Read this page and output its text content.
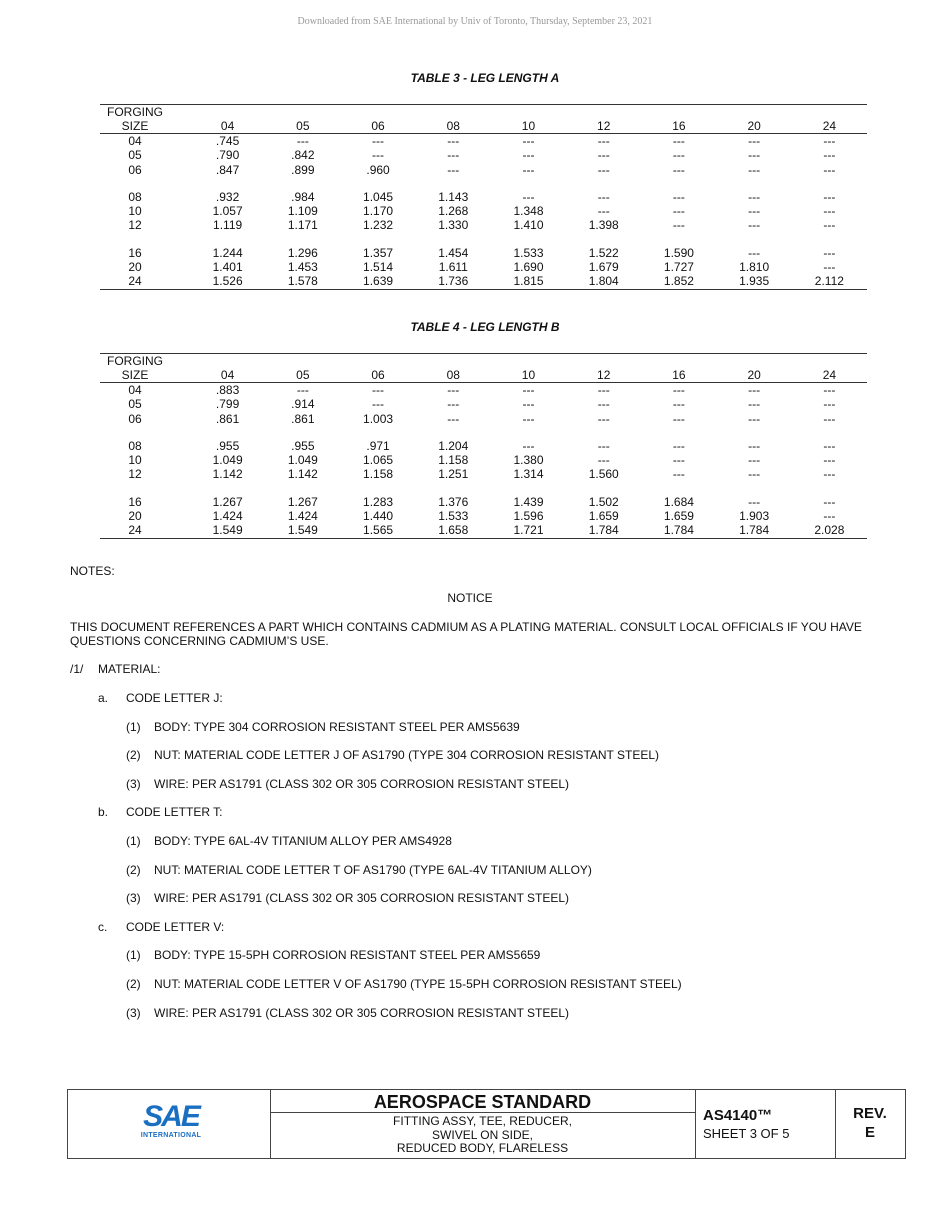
Downloaded from SAE International by Univ of Toronto, Thursday, September 23, 2021
TABLE 3 - LEG LENGTH A
FORGING									
SIZE	04	05	06	08	10	12	16	20	24
04	.745	---	---	---	---	---	---	---	---
05	.790	.842	---	---	---	---	---	---	---
06	.847	.899	.960	---	---	---	---	---	---

08	.932	.984	1.045	1.143	---	---	---	---	---
10	1.057	1.109	1.170	1.268	1.348	---	---	---	---
12	1.119	1.171	1.232	1.330	1.410	1.398	---	---	---

16	1.244	1.296	1.357	1.454	1.533	1.522	1.590	---	---
20	1.401	1.453	1.514	1.611	1.690	1.679	1.727	1.810	---
24	1.526	1.578	1.639	1.736	1.815	1.804	1.852	1.935	2.112
TABLE 4 - LEG LENGTH B
FORGING									
SIZE	04	05	06	08	10	12	16	20	24
04	.883	---	---	---	---	---	---	---	---
05	.799	.914	---	---	---	---	---	---	---
06	.861	.861	1.003	---	---	---	---	---	---

08	.955	.955	.971	1.204	---	---	---	---	---
10	1.049	1.049	1.065	1.158	1.380	---	---	---	---
12	1.142	1.142	1.158	1.251	1.314	1.560	---	---	---

16	1.267	1.267	1.283	1.376	1.439	1.502	1.684	---	---
20	1.424	1.424	1.440	1.533	1.596	1.659	1.659	1.903	---
24	1.549	1.549	1.565	1.658	1.721	1.784	1.784	1.784	2.028
NOTES:
NOTICE
THIS DOCUMENT REFERENCES A PART WHICH CONTAINS CADMIUM AS A PLATING MATERIAL. CONSULT LOCAL OFFICIALS IF YOU HAVE QUESTIONS CONCERNING CADMIUM’S USE.
/1/ MATERIAL:
a. CODE LETTER J:
(1) BODY: TYPE 304 CORROSION RESISTANT STEEL PER AMS5639
(2) NUT: MATERIAL CODE LETTER J OF AS1790 (TYPE 304 CORROSION RESISTANT STEEL)
(3) WIRE: PER AS1791 (CLASS 302 OR 305 CORROSION RESISTANT STEEL)
b. CODE LETTER T:
(1) BODY: TYPE 6AL-4V TITANIUM ALLOY PER AMS4928
(2) NUT: MATERIAL CODE LETTER T OF AS1790 (TYPE 6AL-4V TITANIUM ALLOY)
(3) WIRE: PER AS1791 (CLASS 302 OR 305 CORROSION RESISTANT STEEL)
c. CODE LETTER V:
(1) BODY: TYPE 15-5PH CORROSION RESISTANT STEEL PER AMS5659
(2) NUT: MATERIAL CODE LETTER V OF AS1790 (TYPE 15-5PH CORROSION RESISTANT STEEL)
(3) WIRE: PER AS1791 (CLASS 302 OR 305 CORROSION RESISTANT STEEL)
SAE
INTERNATIONAL
AEROSPACE STANDARD
FITTING ASSY, TEE, REDUCER,
SWIVEL ON SIDE,
REDUCED BODY, FLARELESS
AS4140™
SHEET 3 OF 5
REV.
E
